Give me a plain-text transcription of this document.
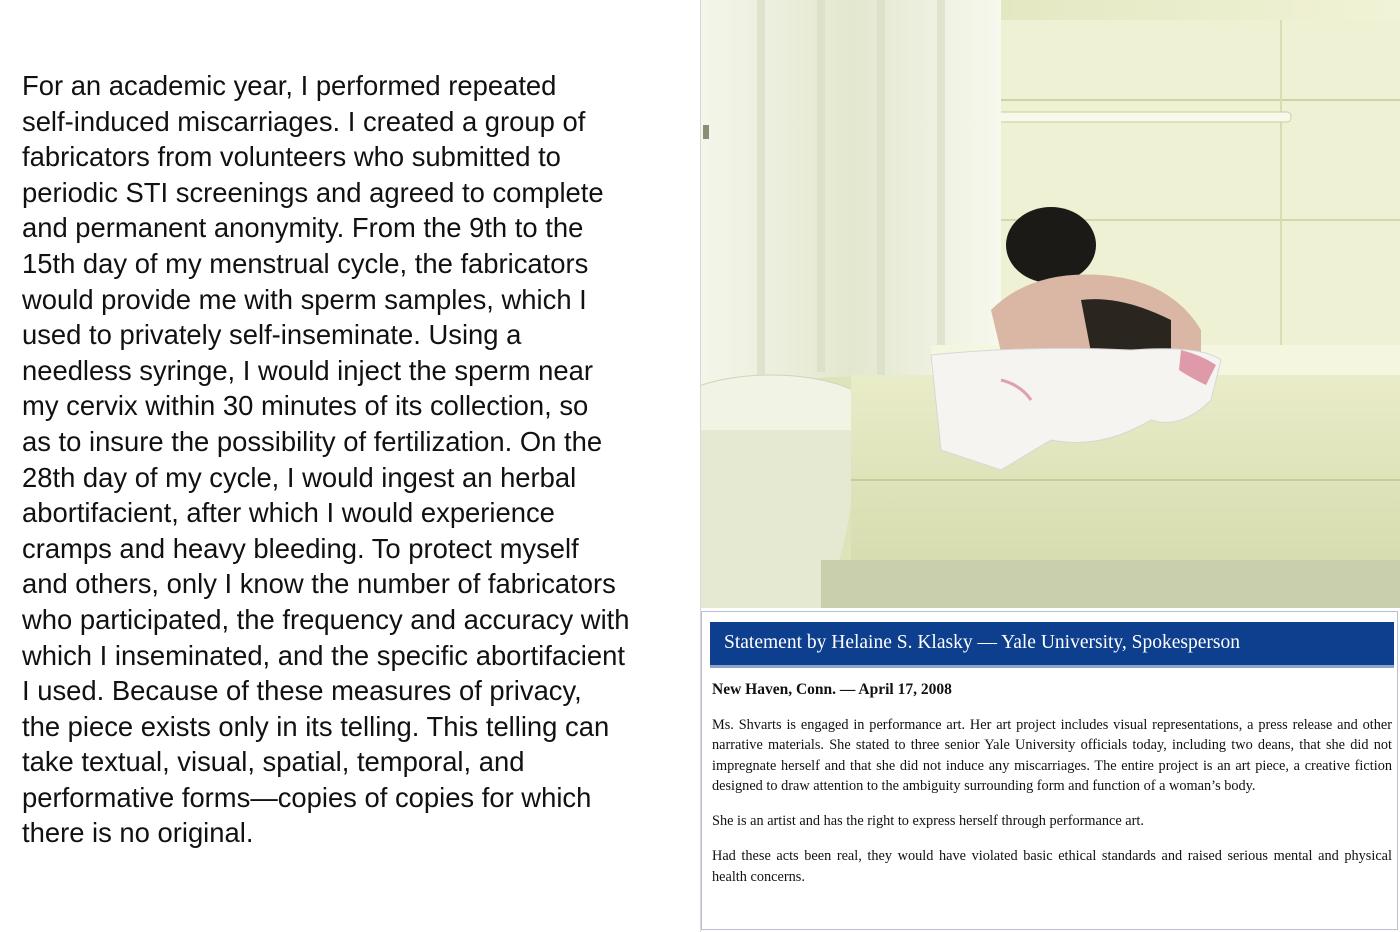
For an academic year, I performed repeated
self-induced miscarriages. I created a group of
fabricators from volunteers who submitted to
periodic STI screenings and agreed to complete
and permanent anonymity. From the 9th to the
15th day of my menstrual cycle, the fabricators
would provide me with sperm samples, which I
used to privately self-inseminate. Using a
needless syringe, I would inject the sperm near
my cervix within 30 minutes of its collection, so
as to insure the possibility of fertilization. On the
28th day of my cycle, I would ingest an herbal
abortifacient, after which I would experience
cramps and heavy bleeding. To protect myself
and others, only I know the number of fabricators
who participated, the frequency and accuracy with
which I inseminated, and the specific abortifacient
I used. Because of these measures of privacy,
the piece exists only in its telling. This telling can
take textual, visual, spatial, temporal, and
performative forms—copies of copies for which
there is no original.

Statement by Helaine S. Klasky — Yale University, Spokesperson
New Haven, Conn. — April 17, 2008

Ms. Shvarts is engaged in performance art. Her art project includes visual representations, a press release and other narrative materials. She stated to three senior Yale University officials today, including two deans, that she did not impregnate herself and that she did not induce any miscarriages. The entire project is an art piece, a creative fiction designed to draw attention to the ambiguity surrounding form and function of a woman’s body.

She is an artist and has the right to express herself through performance art.

Had these acts been real, they would have violated basic ethical standards and raised serious mental and physical health concerns.
